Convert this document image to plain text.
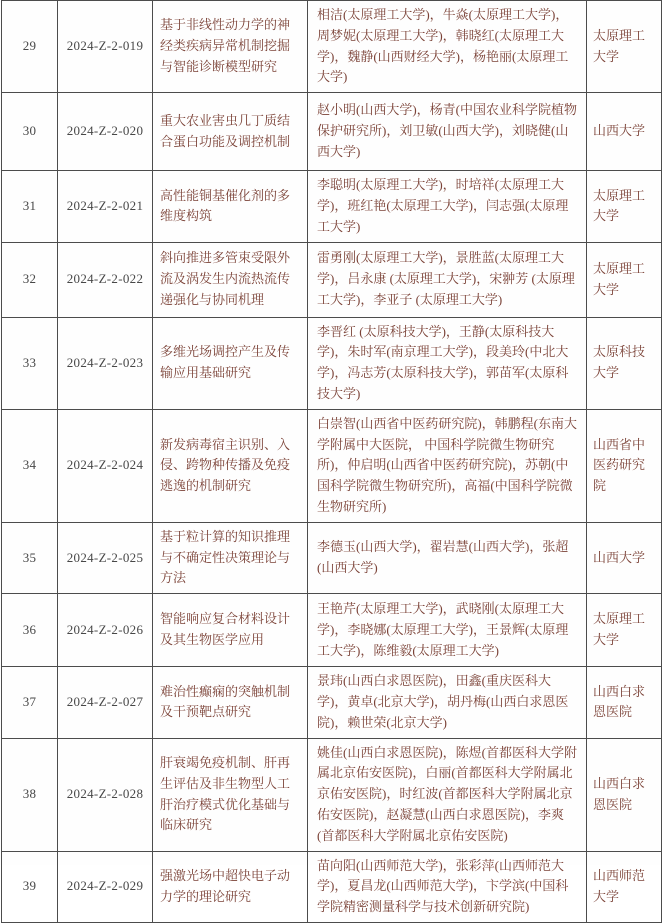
29	2024-Z-2-019	基于非线性动力学的神经类疾病异常机制挖掘与智能诊断模型研究	相洁(太原理工大学)，牛焱(太原理工大学)，周梦妮(太原理工大学)，韩晓红(太原理工大学)，魏静(山西财经大学)，杨艳丽(太原理工大学)	太原理工大学
30	2024-Z-2-020	重大农业害虫几丁质结合蛋白功能及调控机制	赵小明(山西大学)，杨青(中国农业科学院植物保护研究所)，刘卫敏(山西大学)，刘晓健(山西大学)	山西大学
31	2024-Z-2-021	高性能铜基催化剂的多维度构筑	李聪明(太原理工大学)，时培祥(太原理工大学)，班红艳(太原理工大学)，闫志强(太原理工大学)	太原理工大学
32	2024-Z-2-022	斜向推进多管束受限外流及涡发生内流热流传递强化与协同机理	雷勇刚(太原理工大学)，景胜蓝(太原理工大学)，吕永康 (太原理工大学)，宋翀芳 (太原理工大学)，李亚子 (太原理工大学)	太原理工大学
33	2024-Z-2-023	多维光场调控产生及传输应用基础研究	李晋红 (太原科技大学)，王静(太原科技大学)，朱时军(南京理工大学)，段美玲(中北大学)，冯志芳(太原科技大学)，郭苗军(太原科技大学)	太原科技大学
34	2024-Z-2-024	新发病毒宿主识别、入侵、跨物种传播及免疫逃逸的机制研究	白崇智(山西省中医药研究院)，韩鹏程(东南大学附属中大医院， 中国科学院微生物研究所)，仲启明(山西省中医药研究院)，苏朝(中国科学院微生物研究所)，高福(中国科学院微生物研究所)	山西省中医药研究院
35	2024-Z-2-025	基于粒计算的知识推理与不确定性决策理论与方法	李德玉(山西大学)，翟岩慧(山西大学)，张超(山西大学)	山西大学
36	2024-Z-2-026	智能响应复合材料设计及其生物医学应用	王艳芹(太原理工大学)，武晓刚(太原理工大学)，李晓娜(太原理工大学)，王景辉(太原理工大学)，陈维毅(太原理工大学)	太原理工大学
37	2024-Z-2-027	难治性癫痫的突触机制及干预靶点研究	景玮(山西白求恩医院)，田鑫(重庆医科大学)，黄卓(北京大学)，胡丹梅(山西白求恩医院)，赖世荣(北京大学)	山西白求恩医院
38	2024-Z-2-028	肝衰竭免疫机制、肝再生评估及非生物型人工肝治疗模式优化基础与临床研究	姚佳(山西白求恩医院)，陈煜(首都医科大学附属北京佑安医院)，白丽(首都医科大学附属北京佑安医院)，时红波(首都医科大学附属北京佑安医院)，赵凝慧(山西白求恩医院)，李爽(首都医科大学附属北京佑安医院)	山西白求恩医院
39	2024-Z-2-029	强激光场中超快电子动力学的理论研究	苗向阳(山西师范大学)，张彩萍(山西师范大学)，夏昌龙(山西师范大学)，卞学滨(中国科学院精密测量科学与技术创新研究院)	山西师范大学
